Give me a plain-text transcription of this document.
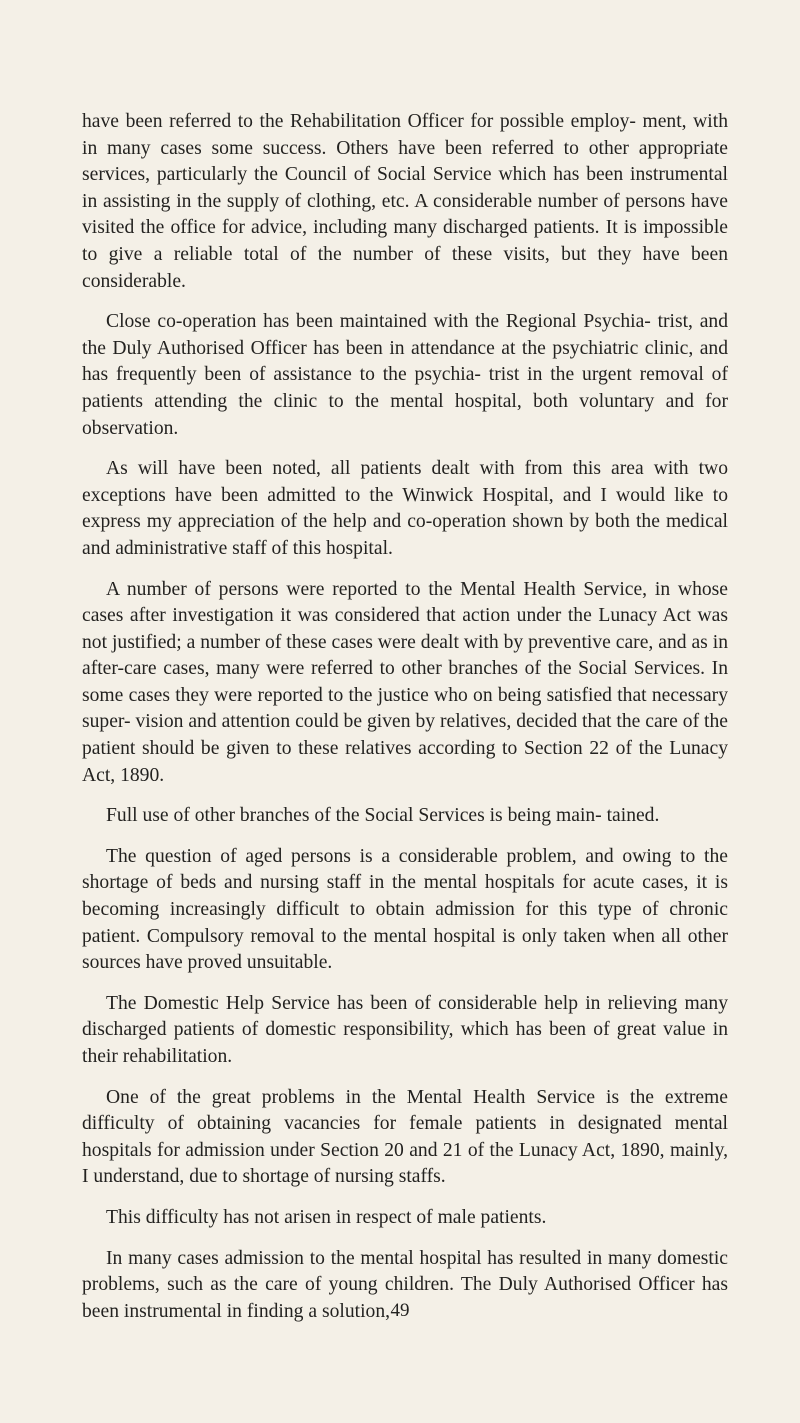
have been referred to the Rehabilitation Officer for possible employ- ment, with in many cases some success. Others have been referred to other appropriate services, particularly the Council of Social Service which has been instrumental in assisting in the supply of clothing, etc. A considerable number of persons have visited the office for advice, including many discharged patients. It is impossible to give a reliable total of the number of these visits, but they have been considerable.

Close co-operation has been maintained with the Regional Psychia- trist, and the Duly Authorised Officer has been in attendance at the psychiatric clinic, and has frequently been of assistance to the psychia- trist in the urgent removal of patients attending the clinic to the mental hospital, both voluntary and for observation.

As will have been noted, all patients dealt with from this area with two exceptions have been admitted to the Winwick Hospital, and I would like to express my appreciation of the help and co-operation shown by both the medical and administrative staff of this hospital.

A number of persons were reported to the Mental Health Service, in whose cases after investigation it was considered that action under the Lunacy Act was not justified; a number of these cases were dealt with by preventive care, and as in after-care cases, many were referred to other branches of the Social Services. In some cases they were reported to the justice who on being satisfied that necessary super- vision and attention could be given by relatives, decided that the care of the patient should be given to these relatives according to Section 22 of the Lunacy Act, 1890.

Full use of other branches of the Social Services is being main- tained.

The question of aged persons is a considerable problem, and owing to the shortage of beds and nursing staff in the mental hospitals for acute cases, it is becoming increasingly difficult to obtain admission for this type of chronic patient. Compulsory removal to the mental hospital is only taken when all other sources have proved unsuitable.

The Domestic Help Service has been of considerable help in relieving many discharged patients of domestic responsibility, which has been of great value in their rehabilitation.

One of the great problems in the Mental Health Service is the extreme difficulty of obtaining vacancies for female patients in designated mental hospitals for admission under Section 20 and 21 of the Lunacy Act, 1890, mainly, I understand, due to shortage of nursing staffs.

This difficulty has not arisen in respect of male patients.

In many cases admission to the mental hospital has resulted in many domestic problems, such as the care of young children. The Duly Authorised Officer has been instrumental in finding a solution, 49
